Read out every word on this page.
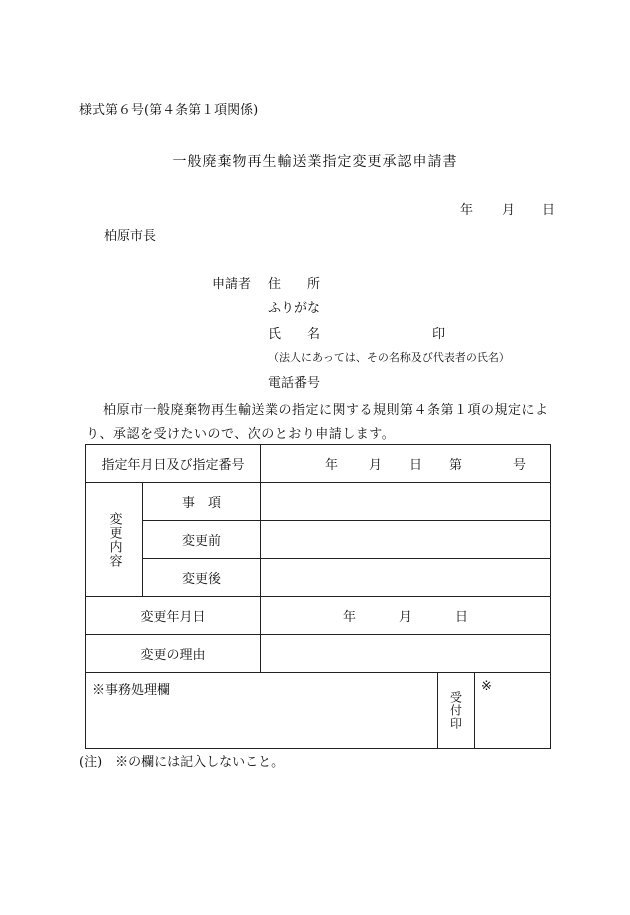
様式第６号(第４条第１項関係)
一般廃棄物再生輸送業指定変更承認申請書
年 月 日
柏原市長
申請者 住　　所
ふりがな
氏　　名	印
（法人にあっては、その名称及び代表者の氏名）
電話番号
柏原市一般廃棄物再生輸送業の指定に関する規則第４条第１項の規定により、承認を受けたいので、次のとおり申請します。
指定年月日及び指定番号		年 月 日 第 号		

変更内容	事　項			
	変更前			
	変更後			
変更年月日		年 月 日		
変更の理由				
※事務処理欄			受付印	※
(注)　※の欄には記入しないこと。
